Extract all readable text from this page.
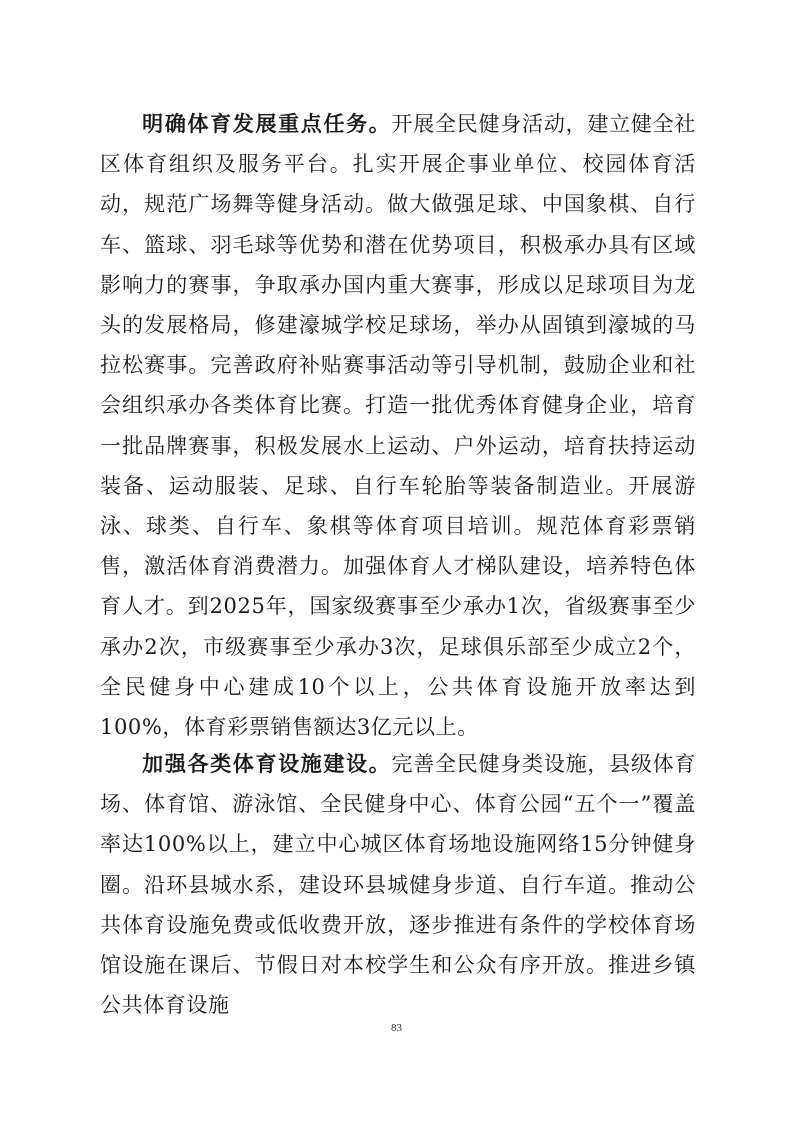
明确体育发展重点任务。开展全民健身活动，建立健全社区体育组织及服务平台。扎实开展企事业单位、校园体育活动，规范广场舞等健身活动。做大做强足球、中国象棋、自行车、篮球、羽毛球等优势和潜在优势项目，积极承办具有区域影响力的赛事，争取承办国内重大赛事，形成以足球项目为龙头的发展格局，修建濠城学校足球场，举办从固镇到濠城的马拉松赛事。完善政府补贴赛事活动等引导机制，鼓励企业和社会组织承办各类体育比赛。打造一批优秀体育健身企业，培育一批品牌赛事，积极发展水上运动、户外运动，培育扶持运动装备、运动服装、足球、自行车轮胎等装备制造业。开展游泳、球类、自行车、象棋等体育项目培训。规范体育彩票销售，激活体育消费潜力。加强体育人才梯队建设，培养特色体育人才。到2025年，国家级赛事至少承办1次，省级赛事至少承办2次，市级赛事至少承办3次，足球俱乐部至少成立2个，全民健身中心建成10个以上，公共体育设施开放率达到100%，体育彩票销售额达3亿元以上。

加强各类体育设施建设。完善全民健身类设施，县级体育场、体育馆、游泳馆、全民健身中心、体育公园“五个一”覆盖率达100%以上，建立中心城区体育场地设施网络15分钟健身圈。沿环县城水系，建设环县城健身步道、自行车道。推动公共体育设施免费或低收费开放，逐步推进有条件的学校体育场馆设施在课后、节假日对本校学生和公众有序开放。推进乡镇公共体育设施

83
